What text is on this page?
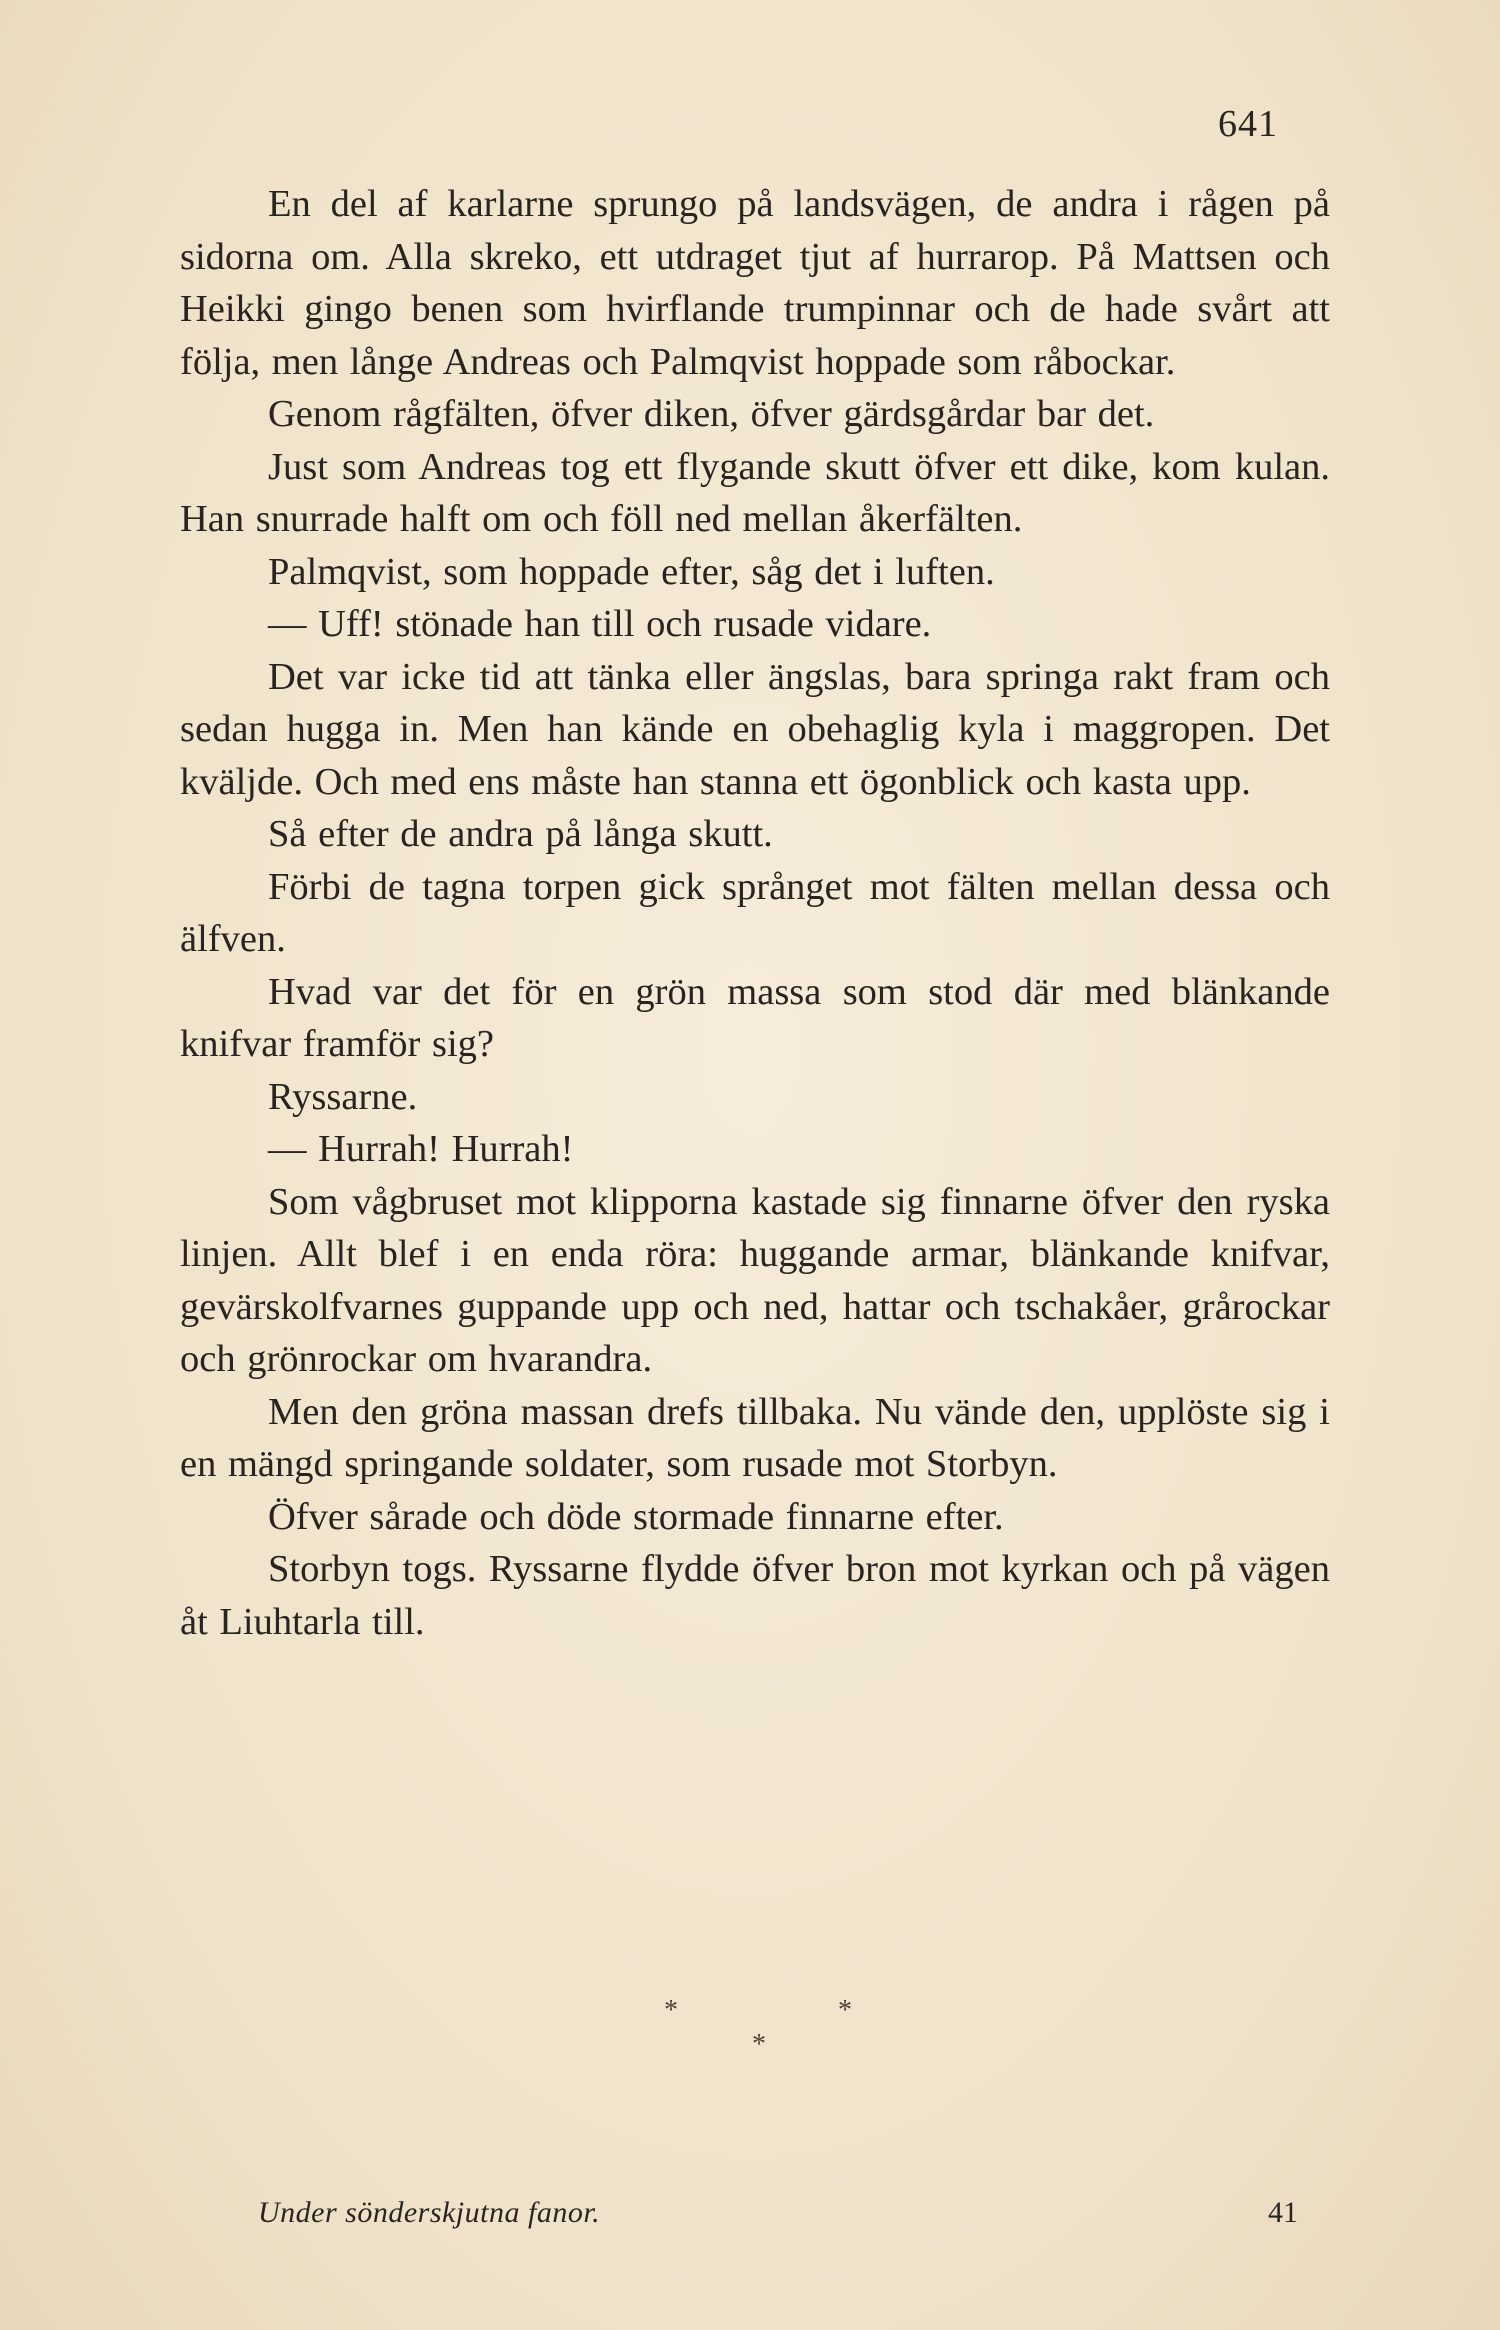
641

En del af karlarne sprungo på landsvägen, de andra i rågen på sidorna om. Alla skreko, ett utdraget tjut af hurrarop. På Mattsen och Heikki gingo benen som hvirflande trumpinnar och de hade svårt att följa, men långe Andreas och Palmqvist hoppade som råbockar.

Genom rågfälten, öfver diken, öfver gärdsgårdar bar det.

Just som Andreas tog ett flygande skutt öfver ett dike, kom kulan. Han snurrade halft om och föll ned mellan åkerfälten.

Palmqvist, som hoppade efter, såg det i luften.

— Uff! stönade han till och rusade vidare.

Det var icke tid att tänka eller ängslas, bara springa rakt fram och sedan hugga in. Men han kände en obehaglig kyla i maggropen. Det kväljde. Och med ens måste han stanna ett ögonblick och kasta upp.

Så efter de andra på långa skutt.

Förbi de tagna torpen gick språnget mot fälten mellan dessa och älfven.

Hvad var det för en grön massa som stod där med blänkande knifvar framför sig?

Ryssarne.

— Hurrah! Hurrah!

Som vågbruset mot klipporna kastade sig finnarne öfver den ryska linjen. Allt blef i en enda röra: huggande armar, blänkande knifvar, gevärskolfvarnes guppande upp och ned, hattar och tschakåer, grårockar och grönrockar om hvarandra.

Men den gröna massan drefs tillbaka. Nu vände den, upplöste sig i en mängd springande soldater, som rusade mot Storbyn.

Öfver sårade och döde stormade finnarne efter.

Storbyn togs. Ryssarne flydde öfver bron mot kyrkan och på vägen åt Liuhtarla till.

*	*
*
Under sönderskjutna fanor.	41
